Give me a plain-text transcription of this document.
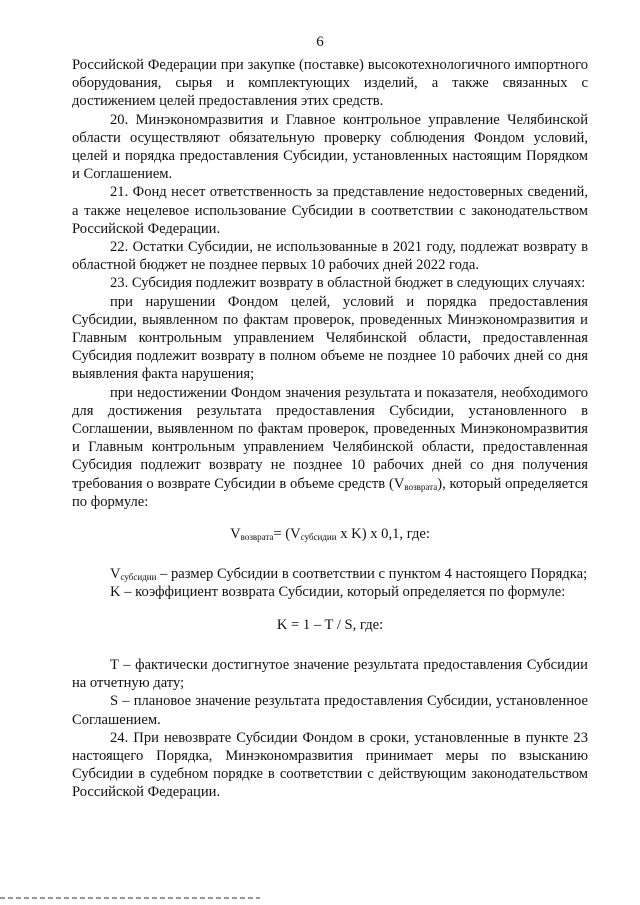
6

Российской Федерации при закупке (поставке) высокотехнологичного импортного оборудования, сырья и комплектующих изделий, а также связанных с достижением целей предоставления этих средств.

20. Минэкономразвития и Главное контрольное управление Челябинской области осуществляют обязательную проверку соблюдения Фондом условий, целей и порядка предоставления Субсидии, установленных настоящим Порядком и Соглашением.

21. Фонд несет ответственность за представление недостоверных сведений, а также нецелевое использование Субсидии в соответствии с законодательством Российской Федерации.

22. Остатки Субсидии, не использованные в 2021 году, подлежат возврату в областной бюджет не позднее первых 10 рабочих дней 2022 года.

23. Субсидия подлежит возврату в областной бюджет в следующих случаях:

при нарушении Фондом целей, условий и порядка предоставления Субсидии, выявленном по фактам проверок, проведенных Минэкономразвития и Главным контрольным управлением Челябинской области, предоставленная Субсидия подлежит возврату в полном объеме не позднее 10 рабочих дней со дня выявления факта нарушения;

при недостижении Фондом значения результата и показателя, необходимого для достижения результата предоставления Субсидии, установленного в Соглашении, выявленном по фактам проверок, проведенных Минэкономразвития и Главным контрольным управлением Челябинской области, предоставленная Субсидия подлежит возврату не позднее 10 рабочих дней со дня получения требования о возврате Субсидии в объеме средств $(V_{возврата})$, который определяется по формуле:

$V_{возврата}= (V_{субсидии}$ x K) x 0,1, где:

$V_{субсидии}$ – размер Субсидии в соответствии с пунктом 4 настоящего Порядка;

K – коэффициент возврата Субсидии, который определяется по формуле:

K = 1 – T / S, где:

T – фактически достигнутое значение результата предоставления Субсидии на отчетную дату;

S – плановое значение результата предоставления Субсидии, установленное Соглашением.

24. При невозврате Субсидии Фондом в сроки, установленные в пункте 23 настоящего Порядка, Минэкономразвития принимает меры по взысканию Субсидии в судебном порядке в соответствии с действующим законодательством Российской Федерации.
